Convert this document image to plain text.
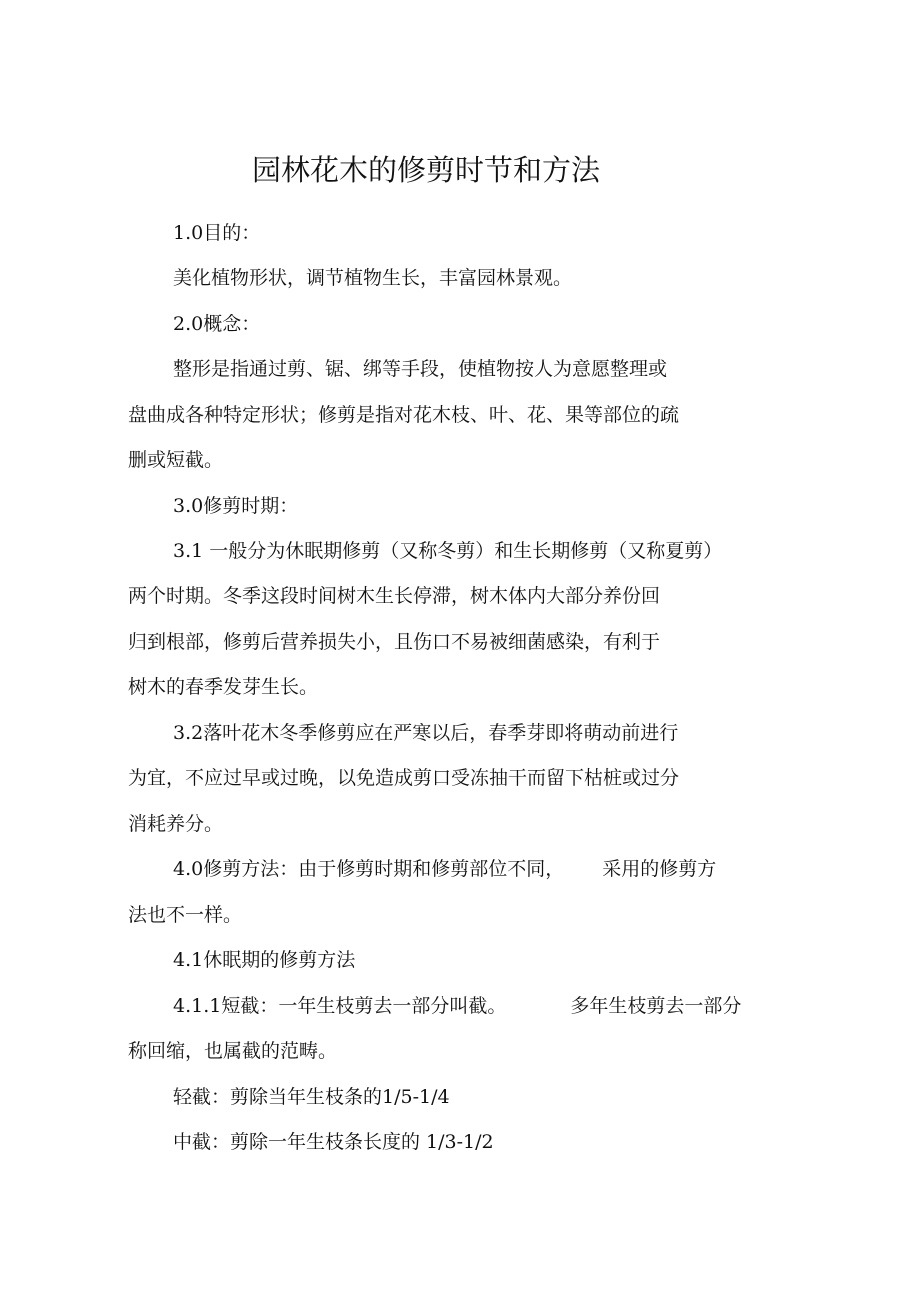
园林花木的修剪时节和方法

1.0目的：

美化植物形状，调节植物生长，丰富园林景观。

2.0概念：

整形是指通过剪、锯、绑等手段，使植物按人为意愿整理或

盘曲成各种特定形状；修剪是指对花木枝、叶、花、果等部位的疏

删或短截。

3.0修剪时期：

3.1 一般分为休眠期修剪（又称冬剪）和生长期修剪（又称夏剪）

两个时期。冬季这段时间树木生长停滞，树木体内大部分养份回

归到根部，修剪后营养损失小，且伤口不易被细菌感染，有利于

树木的春季发芽生长。

3.2落叶花木冬季修剪应在严寒以后，春季芽即将萌动前进行

为宜，不应过早或过晚，以免造成剪口受冻抽干而留下枯桩或过分

消耗养分。

4.0修剪方法：由于修剪时期和修剪部位不同， 采用的修剪方

法也不一样。

4.1休眠期的修剪方法

4.1.1短截：一年生枝剪去一部分叫截。	多年生枝剪去一部分

称回缩，也属截的范畴。

轻截：剪除当年生枝条的1/5-1/4

中截：剪除一年生枝条长度的 1/3-1/2
